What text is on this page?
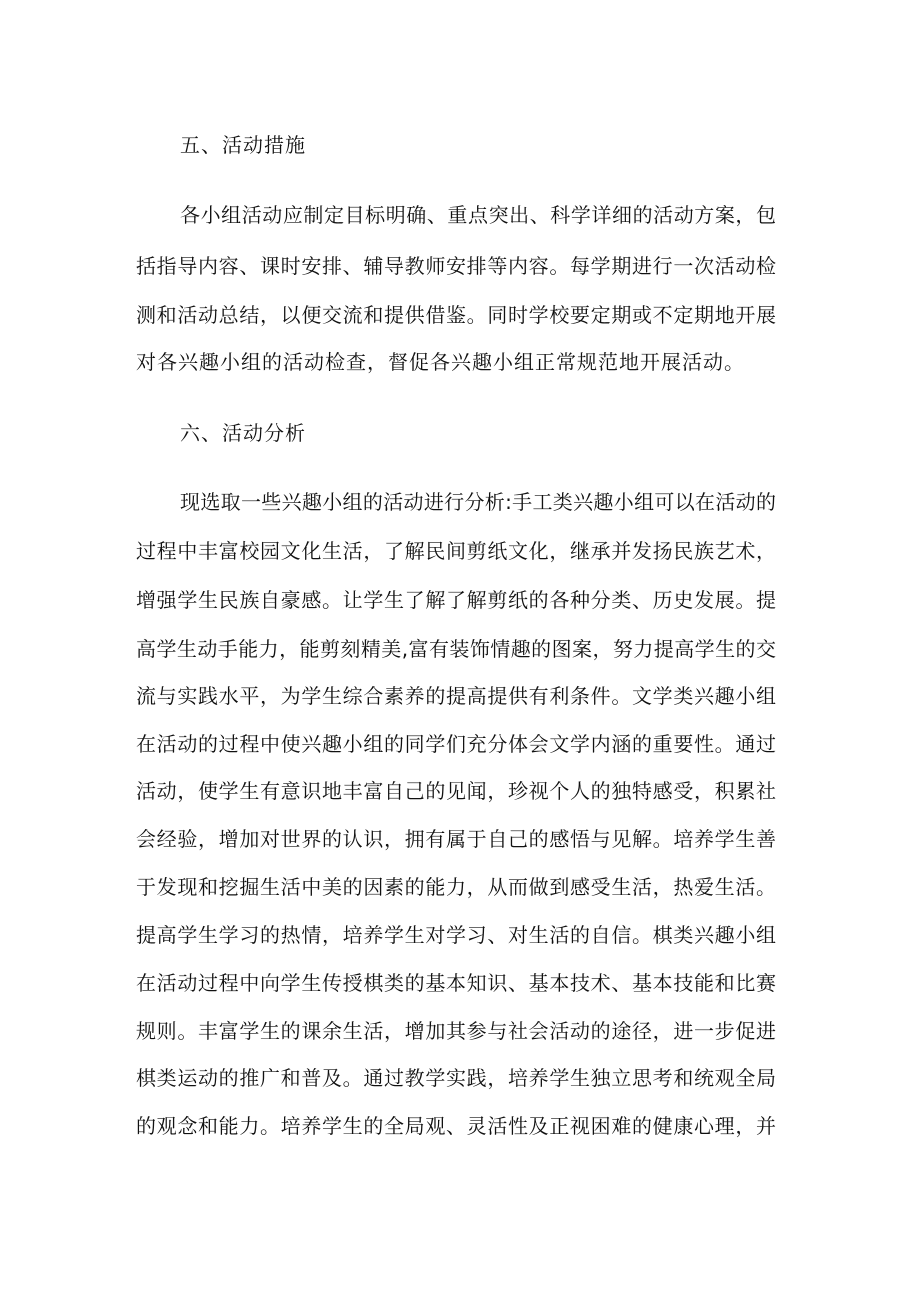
五、活动措施
各小组活动应制定目标明确、重点突出、科学详细的活动方案，包
括指导内容、课时安排、辅导教师安排等内容。每学期进行一次活动检
测和活动总结，以便交流和提供借鉴。同时学校要定期或不定期地开展
对各兴趣小组的活动检查，督促各兴趣小组正常规范地开展活动。
六、活动分析
现选取一些兴趣小组的活动进行分析:手工类兴趣小组可以在活动的
过程中丰富校园文化生活，了解民间剪纸文化，继承并发扬民族艺术，
增强学生民族自豪感。让学生了解了解剪纸的各种分类、历史发展。提
高学生动手能力，能剪刻精美,富有装饰情趣的图案，努力提高学生的交
流与实践水平，为学生综合素养的提高提供有利条件。文学类兴趣小组
在活动的过程中使兴趣小组的同学们充分体会文学内涵的重要性。通过
活动，使学生有意识地丰富自己的见闻，珍视个人的独特感受，积累社
会经验，增加对世界的认识，拥有属于自己的感悟与见解。培养学生善
于发现和挖掘生活中美的因素的能力，从而做到感受生活，热爱生活。
提高学生学习的热情，培养学生对学习、对生活的自信。棋类兴趣小组
在活动过程中向学生传授棋类的基本知识、基本技术、基本技能和比赛
规则。丰富学生的课余生活，增加其参与社会活动的途径，进一步促进
棋类运动的推广和普及。通过教学实践，培养学生独立思考和统观全局
的观念和能力。培养学生的全局观、灵活性及正视困难的健康心理，并
